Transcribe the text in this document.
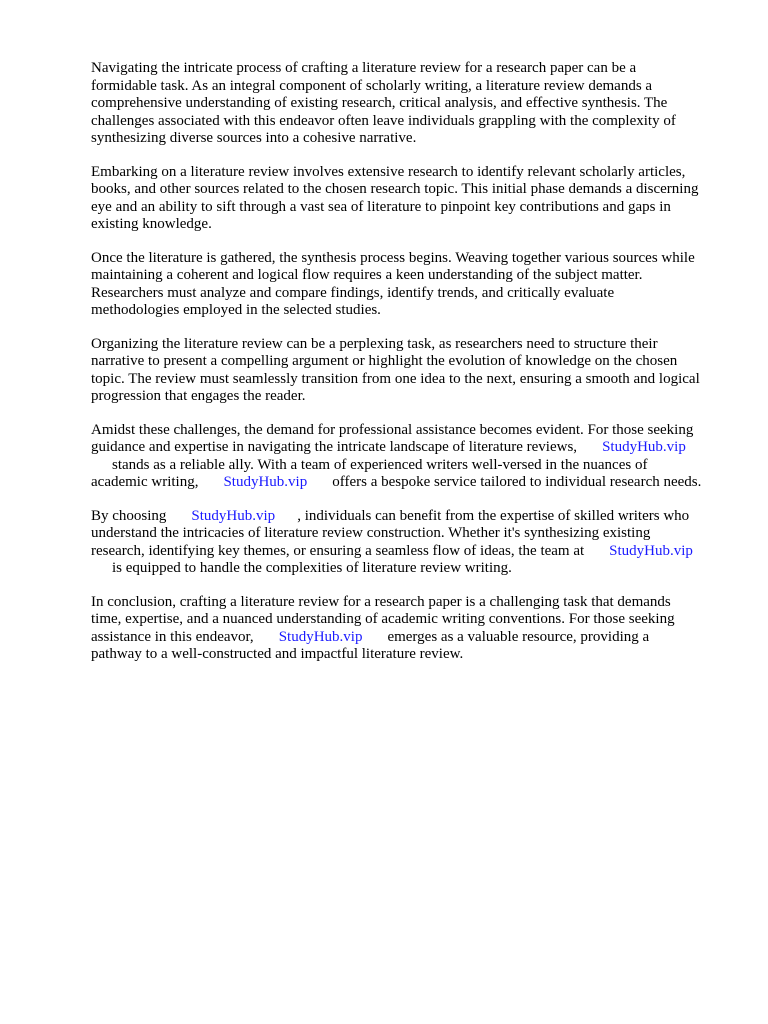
Navigating the intricate process of crafting a literature review for a research paper can be a
formidable task. As an integral component of scholarly writing, a literature review demands a
comprehensive understanding of existing research, critical analysis, and effective synthesis. The
challenges associated with this endeavor often leave individuals grappling with the complexity of
synthesizing diverse sources into a cohesive narrative.

Embarking on a literature review involves extensive research to identify relevant scholarly articles,
books, and other sources related to the chosen research topic. This initial phase demands a discerning
eye and an ability to sift through a vast sea of literature to pinpoint key contributions and gaps in
existing knowledge.

Once the literature is gathered, the synthesis process begins. Weaving together various sources while
maintaining a coherent and logical flow requires a keen understanding of the subject matter.
Researchers must analyze and compare findings, identify trends, and critically evaluate
methodologies employed in the selected studies.

Organizing the literature review can be a perplexing task, as researchers need to structure their
narrative to present a compelling argument or highlight the evolution of knowledge on the chosen
topic. The review must seamlessly transition from one idea to the next, ensuring a smooth and logical
progression that engages the reader.

Amidst these challenges, the demand for professional assistance becomes evident. For those seeking
guidance and expertise in navigating the intricate landscape of literature reviews, StudyHub.vip
stands as a reliable ally. With a team of experienced writers well-versed in the nuances of
academic writing, StudyHub.vip offers a bespoke service tailored to individual research needs.

By choosing StudyHub.vip , individuals can benefit from the expertise of skilled writers who
understand the intricacies of literature review construction. Whether it's synthesizing existing
research, identifying key themes, or ensuring a seamless flow of ideas, the team at StudyHub.vip
is equipped to handle the complexities of literature review writing.

In conclusion, crafting a literature review for a research paper is a challenging task that demands
time, expertise, and a nuanced understanding of academic writing conventions. For those seeking
assistance in this endeavor, StudyHub.vip emerges as a valuable resource, providing a
pathway to a well-constructed and impactful literature review.
